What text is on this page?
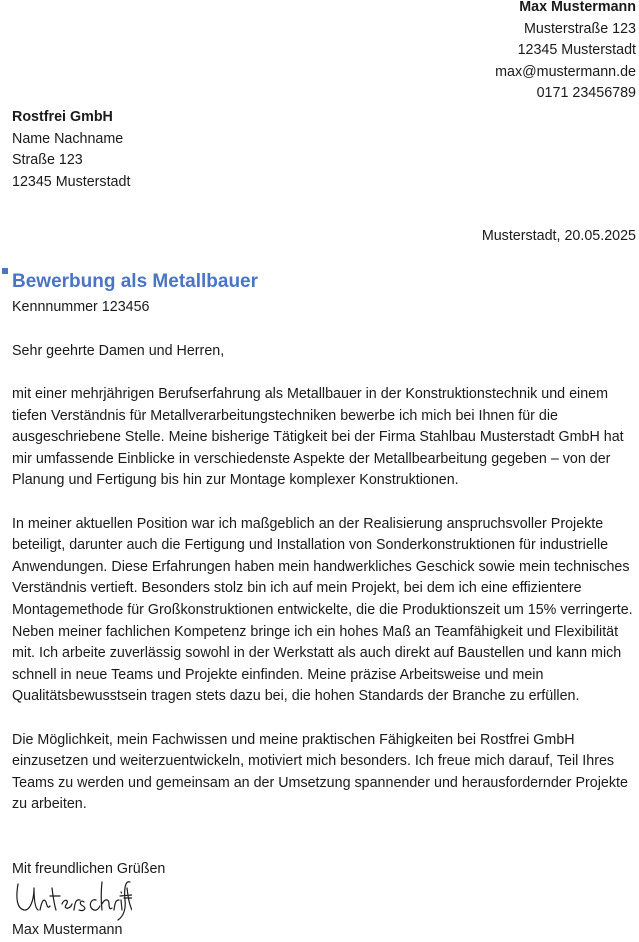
Max Mustermann
Musterstraße 123
12345 Musterstadt
max@mustermann.de
0171 23456789
Rostfrei GmbH
Name Nachname
Straße 123
12345 Musterstadt
Musterstadt, 20.05.2025
Bewerbung als Metallbauer
Kennnummer 123456
Sehr geehrte Damen und Herren,

mit einer mehrjährigen Berufserfahrung als Metallbauer in der Konstruktionstechnik und einem tiefen Verständnis für Metallverarbeitungstechniken bewerbe ich mich bei Ihnen für die ausgeschriebene Stelle. Meine bisherige Tätigkeit bei der Firma Stahlbau Musterstadt GmbH hat mir umfassende Einblicke in verschiedenste Aspekte der Metallbearbeitung gegeben – von der Planung und Fertigung bis hin zur Montage komplexer Konstruktionen.

In meiner aktuellen Position war ich maßgeblich an der Realisierung anspruchsvoller Projekte beteiligt, darunter auch die Fertigung und Installation von Sonderkonstruktionen für industrielle Anwendungen. Diese Erfahrungen haben mein handwerkliches Geschick sowie mein technisches Verständnis vertieft. Besonders stolz bin ich auf mein Projekt, bei dem ich eine effizientere Montagemethode für Großkonstruktionen entwickelte, die die Produktionszeit um 15% verringerte. Neben meiner fachlichen Kompetenz bringe ich ein hohes Maß an Teamfähigkeit und Flexibilität mit. Ich arbeite zuverlässig sowohl in der Werkstatt als auch direkt auf Baustellen und kann mich schnell in neue Teams und Projekte einfinden. Meine präzise Arbeitsweise und mein Qualitätsbewusstsein tragen stets dazu bei, die hohen Standards der Branche zu erfüllen.

Die Möglichkeit, mein Fachwissen und meine praktischen Fähigkeiten bei Rostfrei GmbH einzusetzen und weiterzuentwickeln, motiviert mich besonders. Ich freue mich darauf, Teil Ihres Teams zu werden und gemeinsam an der Umsetzung spannender und herausfordernder Projekte zu arbeiten.

Mit freundlichen Grüßen
Max Mustermann
